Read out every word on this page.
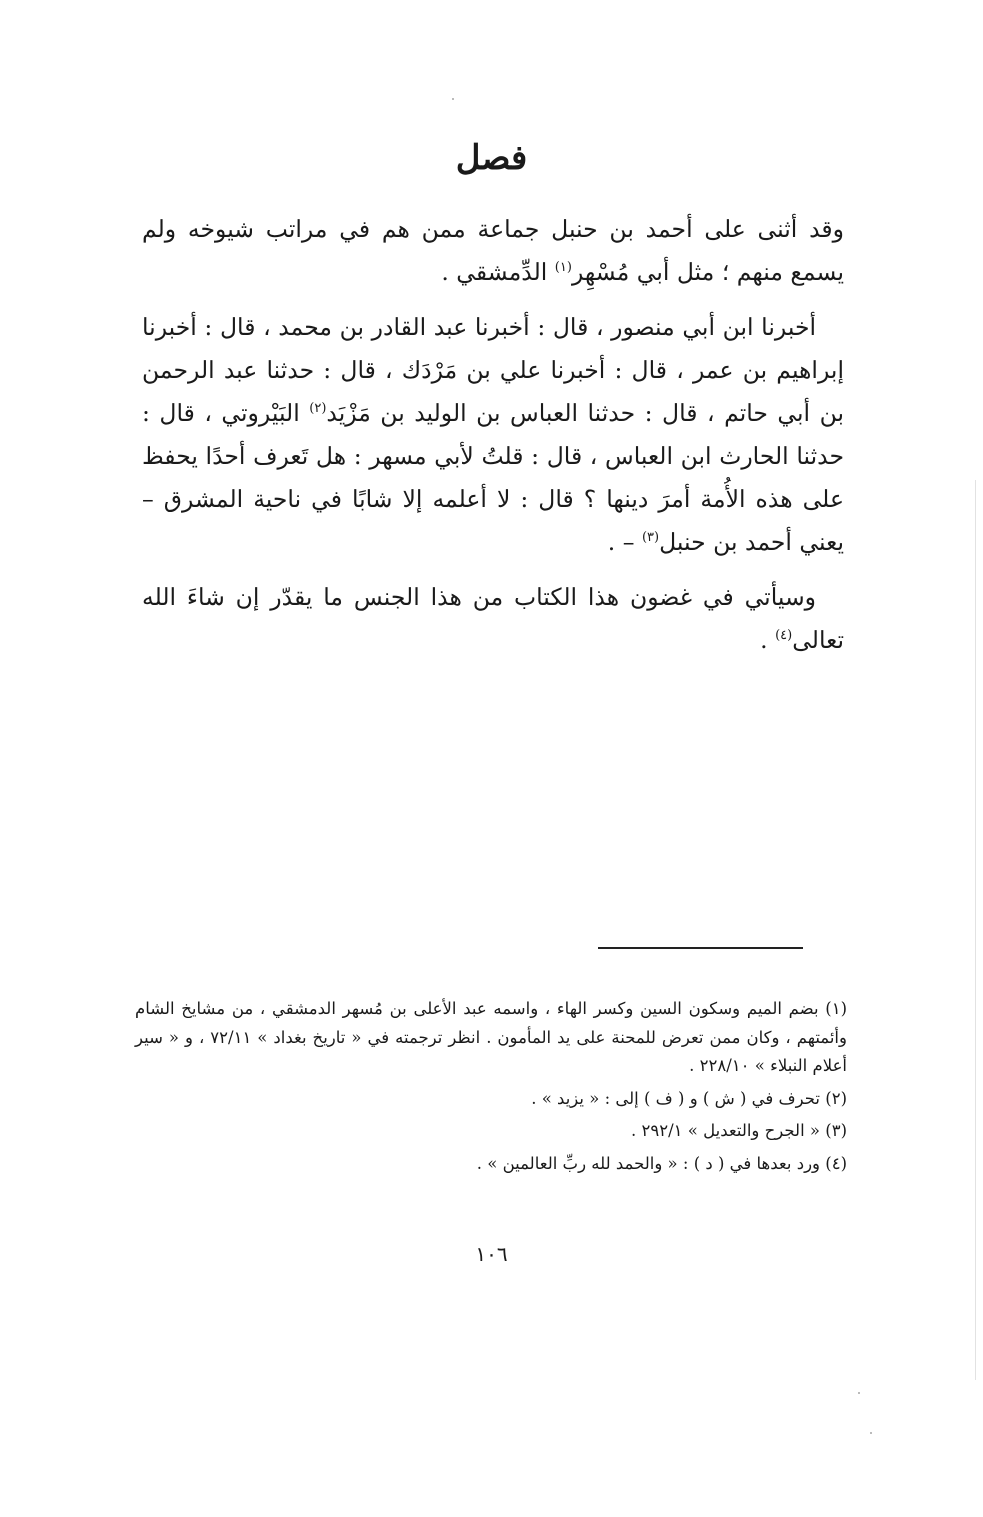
فصل

وقد أثنى على أحمد بن حنبل جماعة ممن هم في مراتب شيوخه ولم يسمع منهم ؛ مثل أبي مُسْهِر$^{(١)}$ الدِّمشقي .

أخبرنا ابن أبي منصور ، قال : أخبرنا عبد القادر بن محمد ، قال : أخبرنا إبراهيم بن عمر ، قال : أخبرنا علي بن مَرْدَك ، قال : حدثنا عبد الرحمن بن أبي حاتم ، قال : حدثنا العباس بن الوليد بن مَزْيَد$^{(٢)}$ البَيْروتي ، قال : حدثنا الحارث ابن العباس ، قال : قلتُ لأبي مسهر : هل تَعرف أحدًا يحفظ على هذه الأُمة أمرَ دينها ؟ قال : لا أعلمه إلا شابًا في ناحية المشرق – يعني أحمد بن حنبل$^{(٣)}$ – .

وسيأتي في غضون هذا الكتاب من هذا الجنس ما يقدّر إن شاءَ الله تعالى$^{(٤)}$ .

(١) بضم الميم وسكون السين وكسر الهاء ، واسمه عبد الأعلى بن مُسهر الدمشقي ، من مشايخ الشام وأئمتهم ، وكان ممن تعرض للمحنة على يد المأمون . انظر ترجمته في « تاريخ بغداد » ٧٢/١١ ، و « سير أعلام النبلاء » ٢٢٨/١٠ .
(٢) تحرف في ( ش ) و ( ف ) إلى : « يزيد » .
(٣) « الجرح والتعديل » ٢٩٢/١ .
(٤) ورد بعدها في ( د ) : « والحمد لله ربِّ العالمين » .
١٠٦
